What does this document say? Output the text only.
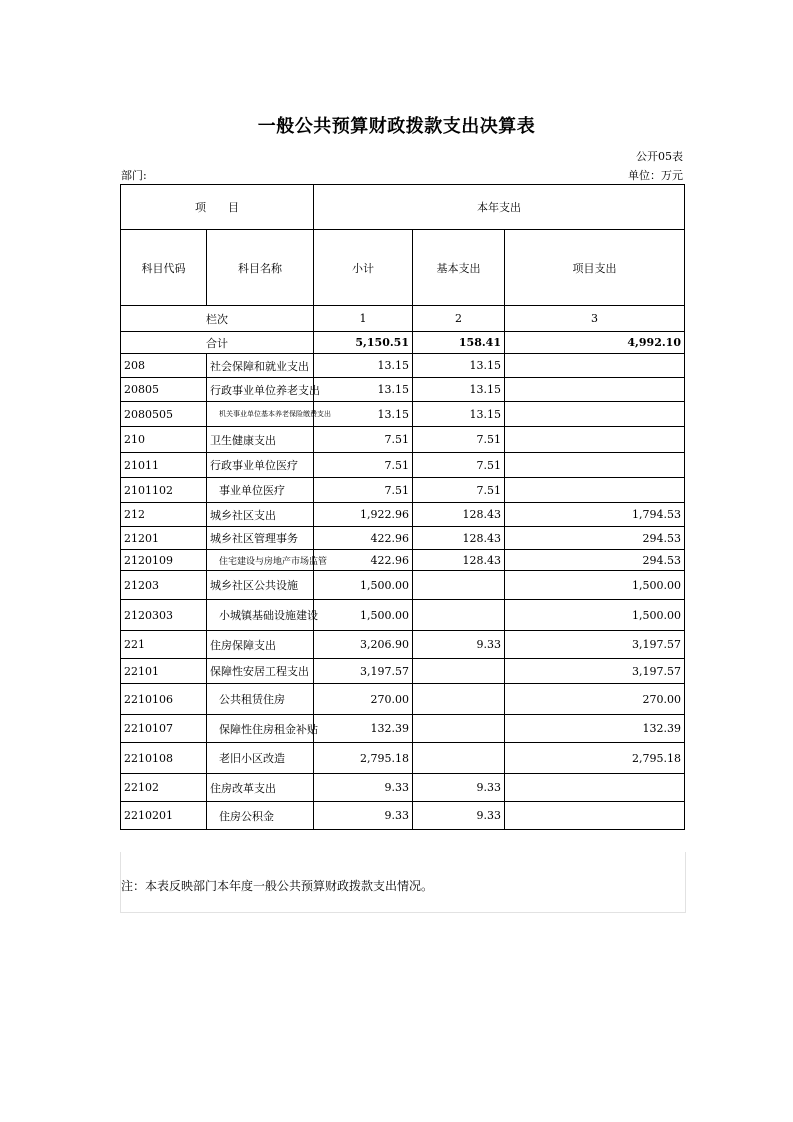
一般公共预算财政拨款支出决算表
公开05表
部门:	单位：万元
项　　目		本年支出		
科目代码	科目名称	小计	基本支出	项目支出
栏次		1	2	3
合计		5,150.51	158.41	4,992.10
208	社会保障和就业支出	13.15	13.15	
20805	行政事业单位养老支出	13.15	13.15	
2080505	机关事业单位基本养老保险缴费支出	13.15	13.15	
210	卫生健康支出	7.51	7.51	
21011	行政事业单位医疗	7.51	7.51	
2101102	事业单位医疗	7.51	7.51	
212	城乡社区支出	1,922.96	128.43	1,794.53
21201	城乡社区管理事务	422.96	128.43	294.53
2120109	住宅建设与房地产市场监管	422.96	128.43	294.53
21203	城乡社区公共设施	1,500.00		1,500.00
2120303	小城镇基础设施建设	1,500.00		1,500.00
221	住房保障支出	3,206.90	9.33	3,197.57
22101	保障性安居工程支出	3,197.57		3,197.57
2210106	公共租赁住房	270.00		270.00
2210107	保障性住房租金补贴	132.39		132.39
2210108	老旧小区改造	2,795.18		2,795.18
22102	住房改革支出	9.33	9.33	
2210201	住房公积金	9.33	9.33	
注：本表反映部门本年度一般公共预算财政拨款支出情况。
